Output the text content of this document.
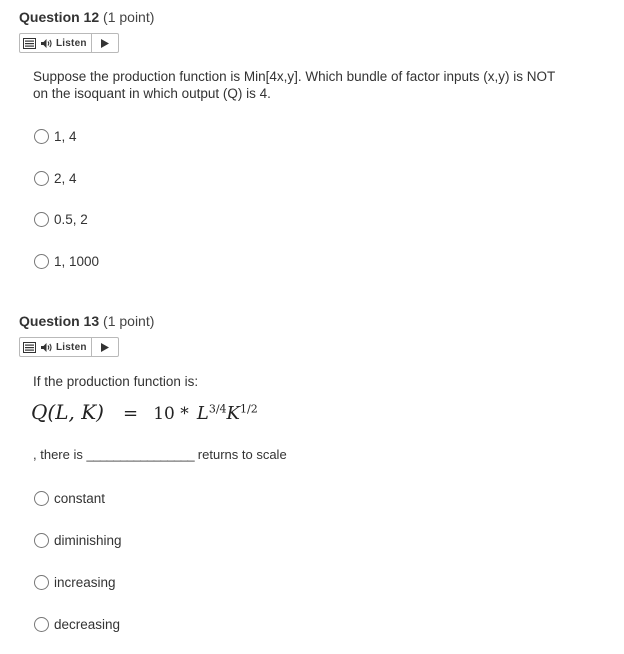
Question 12 (1 point)
Listen
Suppose the production function is Min[4x,y]. Which bundle of factor inputs (x,y) is NOT on the isoquant in which output (Q) is 4.
1, 4
2, 4
0.5, 2
1, 1000
Question 13 (1 point)
Listen
If the production function is:
Q(L, $K) = 10 * L^{3/4}K^{1/2}$
, there is ________________ returns to scale
constant
diminishing
increasing
decreasing
